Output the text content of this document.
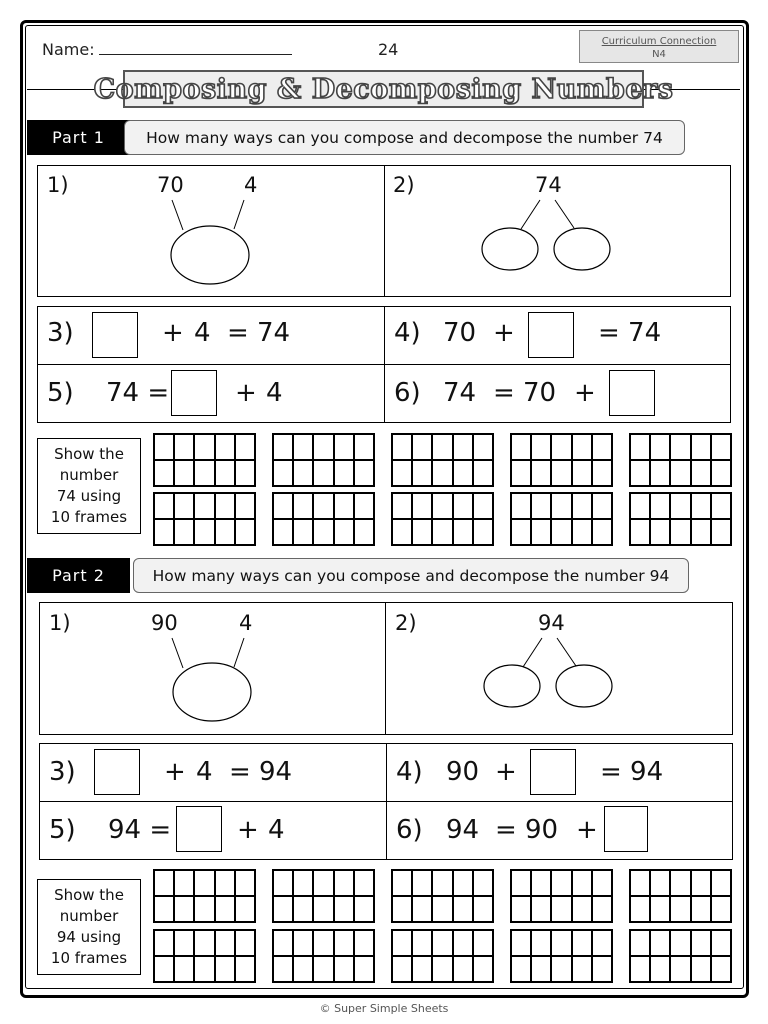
Name:	24	Curriculum Connection
N4
Composing & Decomposing Numbers
Part 1	How many ways can you compose and decompose the number 74
1)	70	4	2)	74
3)	+ 4 = 74	4) 70 +	= 74
5) 74 =	+ 4	6) 74 = 70 +
Show the
number
74 using
10 frames
Part 2	How many ways can you compose and decompose the number 94
1)	90	4	2)	94
3)	+ 4 = 94	4) 90 +	= 94
5) 94 =	+ 4	6) 94 = 90 +
Show the
number
94 using
10 frames
© Super Simple Sheets
